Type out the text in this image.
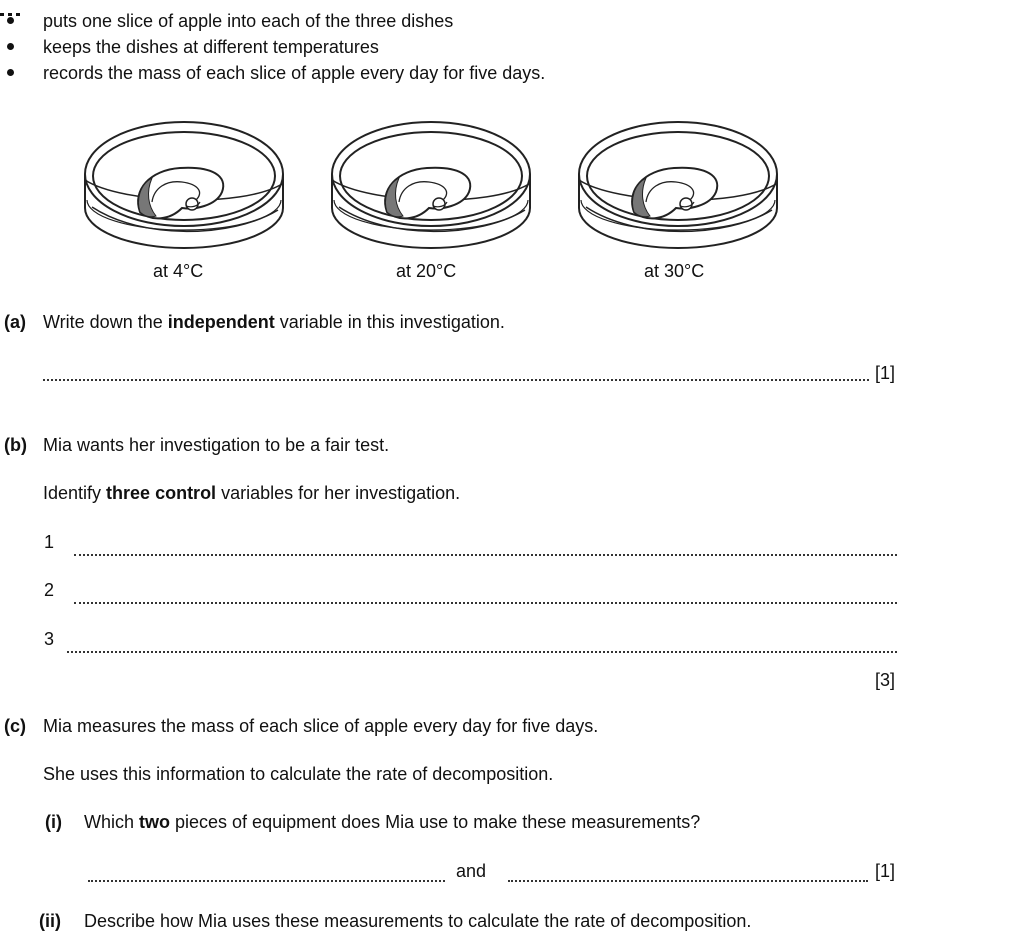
puts one slice of apple into each of the three dishes
keeps the dishes at different temperatures
records the mass of each slice of apple every day for five days.
at 4°C	at 20°C	at 30°C
(a) Write down the independent variable in this investigation.
[1]
(b) Mia wants her investigation to be a fair test.
Identify three control variables for her investigation.
1
2
3
[3]
(c) Mia measures the mass of each slice of apple every day for five days.
She uses this information to calculate the rate of decomposition.
(i) Which two pieces of equipment does Mia use to make these measurements?
and	[1]
(ii) Describe how Mia uses these measurements to calculate the rate of decomposition.
